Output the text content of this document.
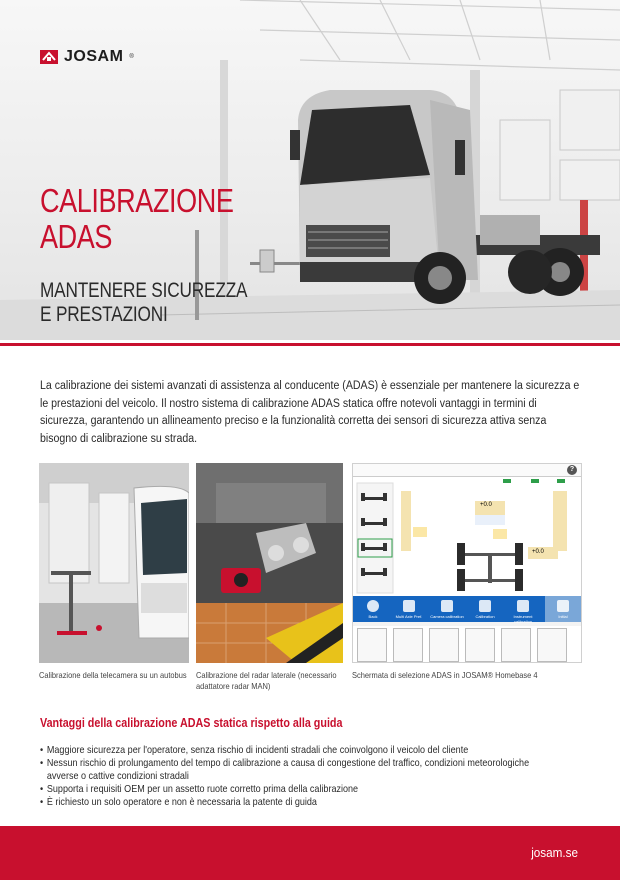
JOSAM ®
CALIBRAZIONE
ADAS
MANTENERE SICUREZZA
E PRESTAZIONI

La calibrazione dei sistemi avanzati di assistenza al conducente (ADAS) è essenziale per mantenere la sicurezza e le prestazioni del veicolo. Il nostro sistema di calibrazione ADAS statica offre notevoli vantaggi in termini di sicurezza, garantendo un allineamento preciso e la funzionalità corretta dei sensori di sicurezza attiva senza bisogno di calibrazione su strada.

?
+0.0
+0.0
Back	Multi Axle Pref.	Camera calibration	Calibration	Instrument calibration
Initial
Calibrazione della telecamera su un autobus	Calibrazione del radar laterale (necessario adattatore radar MAN)
Schermata di selezione ADAS in JOSAM® Homebase 4
Vantaggi della calibrazione ADAS statica rispetto alla guida
• Maggiore sicurezza per l'operatore, senza rischio di incidenti stradali che coinvolgono il veicolo del cliente
• Nessun rischio di prolungamento del tempo di calibrazione a causa di congestione del traffico, condizioni meteorologiche avverse o cattive condizioni stradali
• Supporta i requisiti OEM per un assetto ruote corretto prima della calibrazione
• È richiesto un solo operatore e non è necessaria la patente di guida
josam.se
